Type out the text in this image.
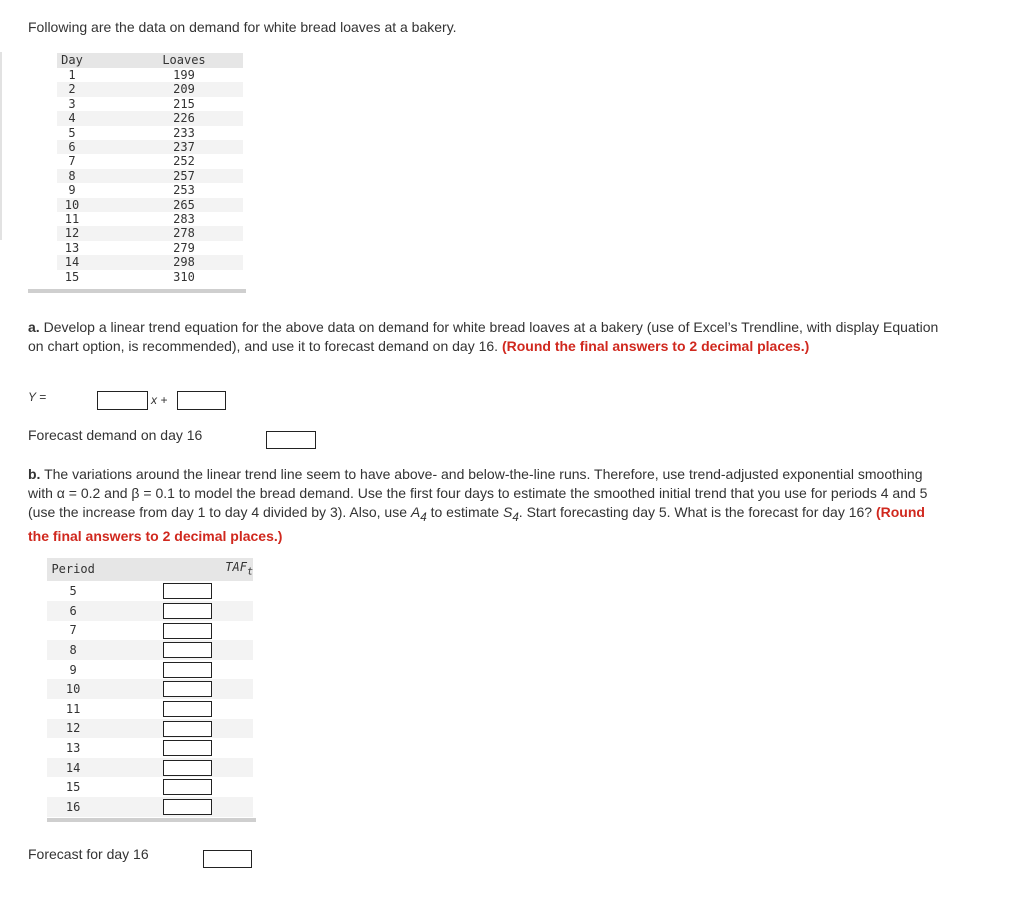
Following are the data on demand for white bread loaves at a bakery.
Day	Loaves
1	199
2	209
3	215
4	226
5	233
6	237
7	252
8	257
9	253
10	265
11	283
12	278
13	279
14	298
15	310
a. Develop a linear trend equation for the above data on demand for white bread loaves at a bakery (use of Excel’s Trendline, with display Equation on chart option, is recommended), and use it to forecast demand on day 16. (Round the final answers to 2 decimal places.)
Y =	x +
Forecast demand on day 16
b. The variations around the linear trend line seem to have above- and below-the-line runs. Therefore, use trend-adjusted exponential smoothing with α = 0.2 and β = 0.1 to model the bread demand. Use the first four days to estimate the smoothed initial trend that you use for periods 4 and 5 (use the increase from day 1 to day 4 divided by 3). Also, use $A_4$ to estimate $S_4$. Start forecasting day 5. What is the forecast for day 16? (Round the final answers to 2 decimal places.)
Period	$TAF_t$
5	

6	

7	

8	

9	

10	

11	

12	

13	

14	

15	

16	
Forecast for day 16
